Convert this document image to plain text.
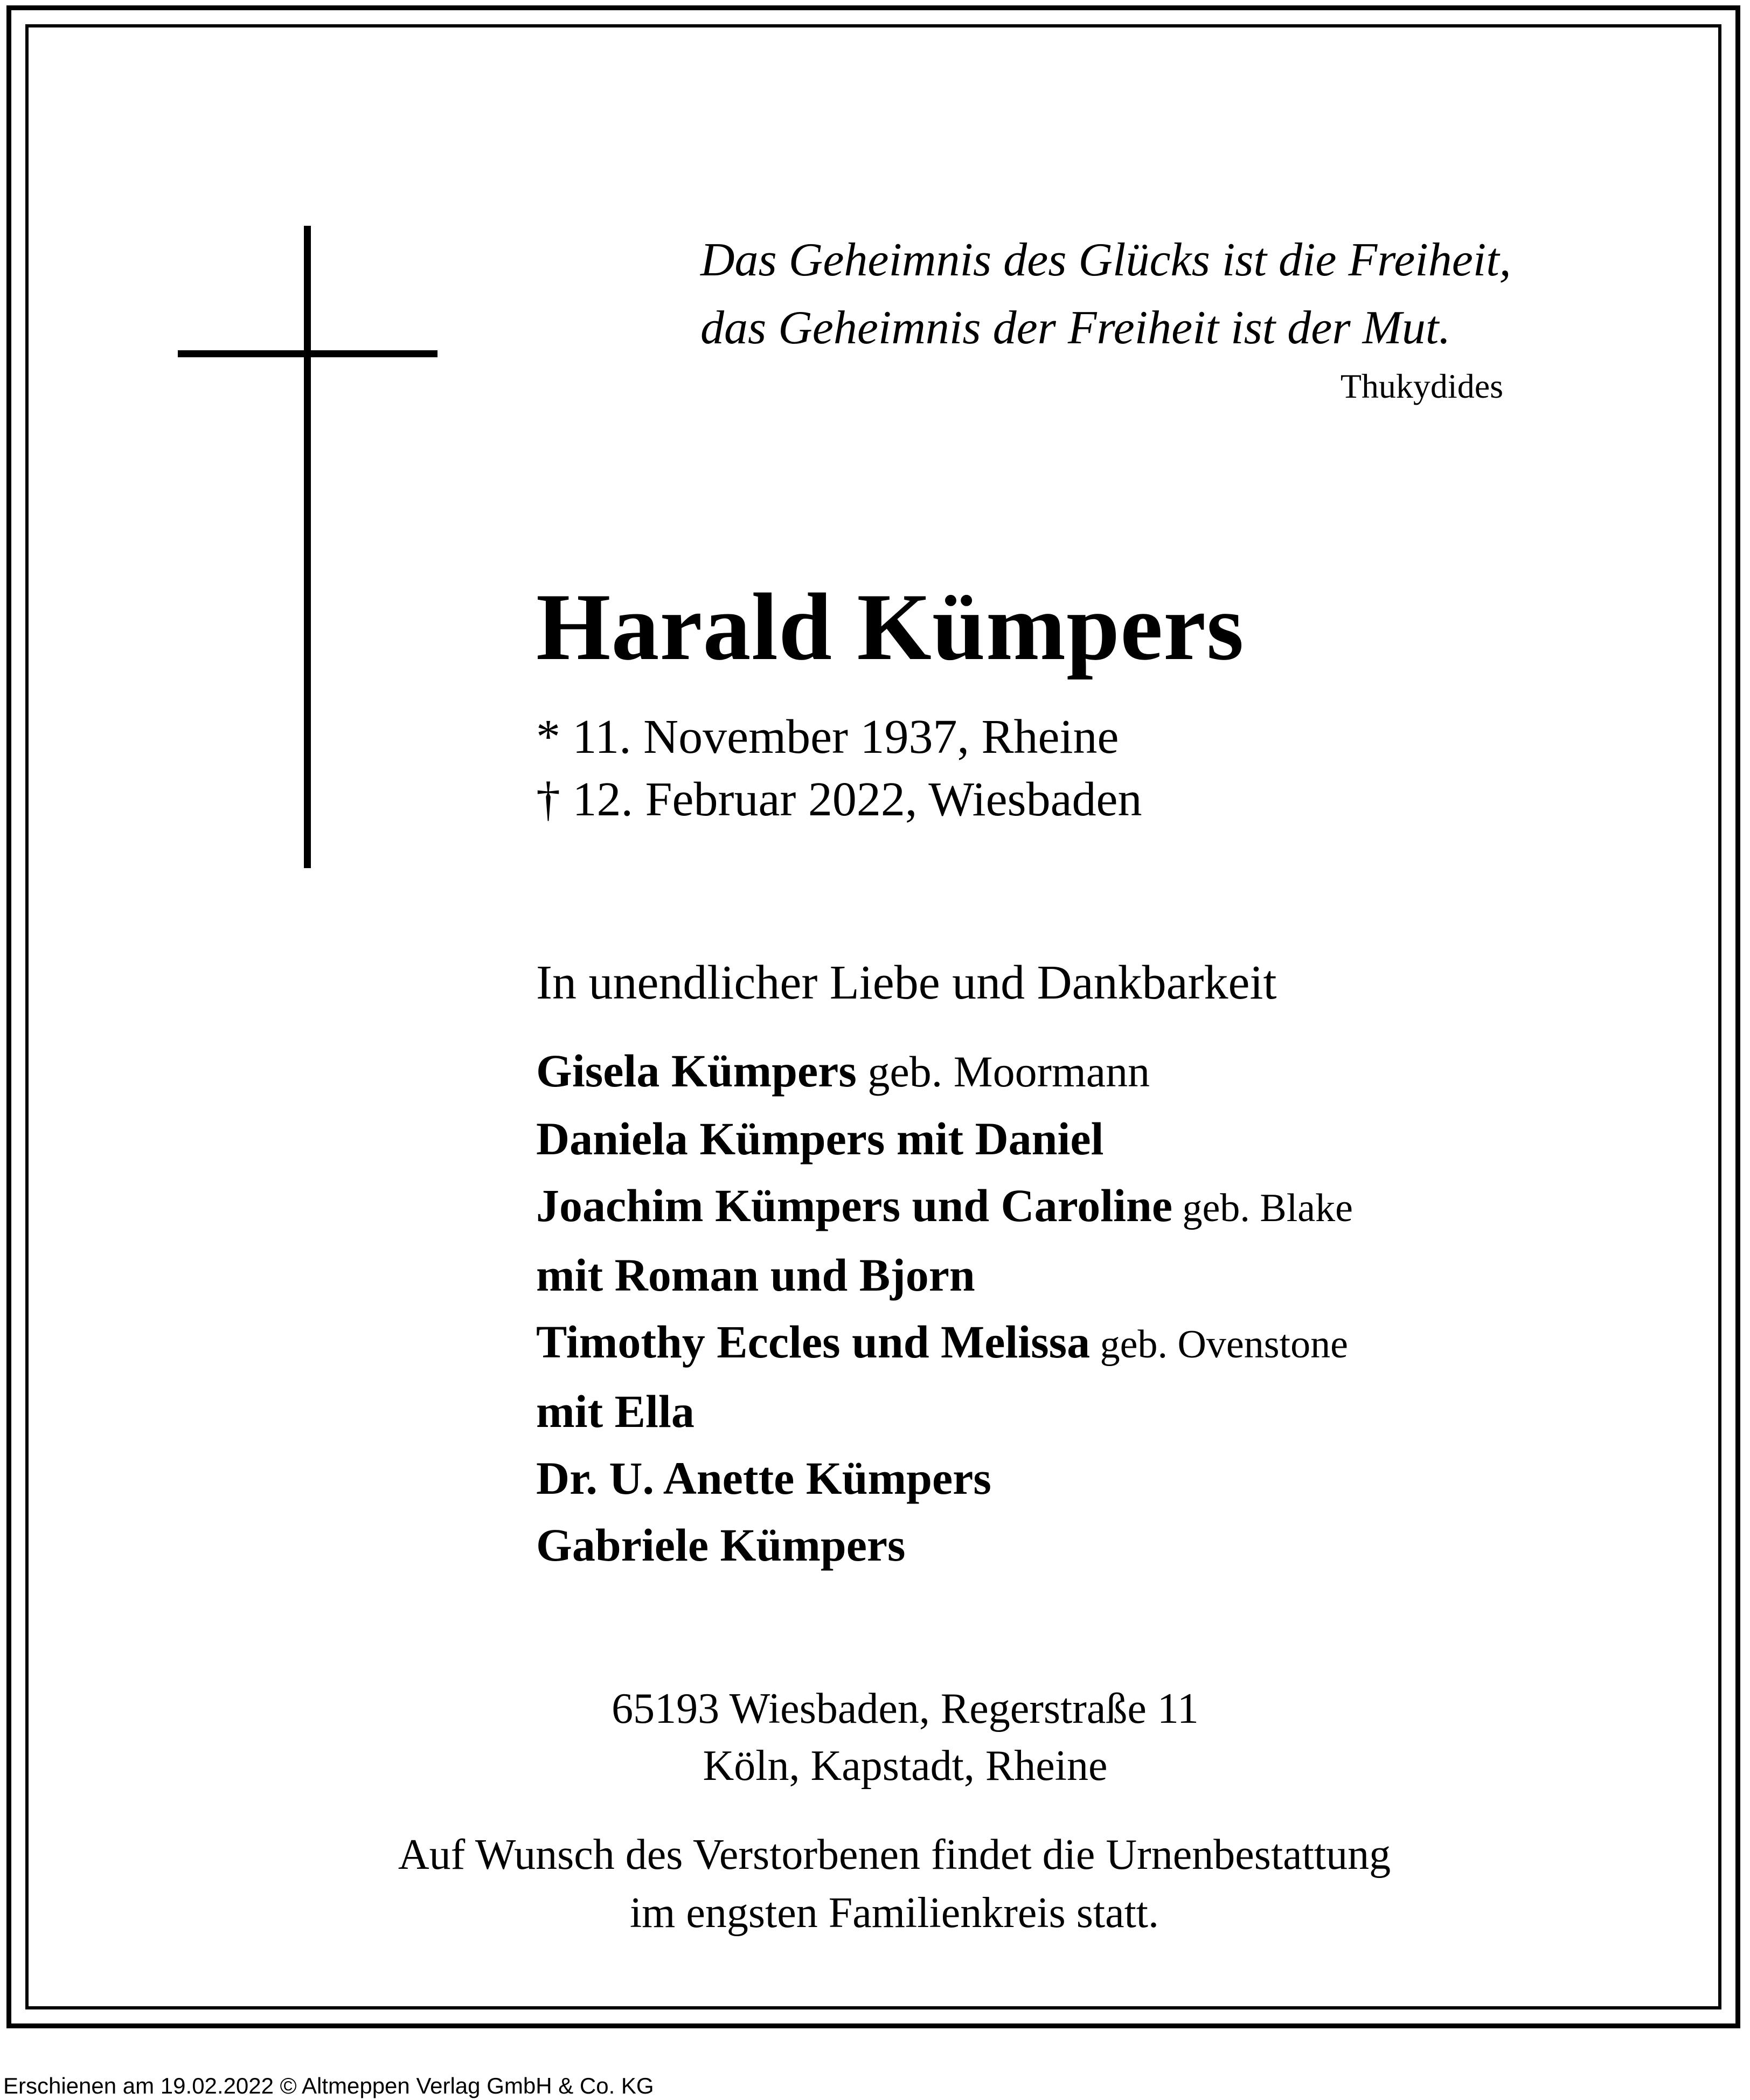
Das Geheimnis des Glücks ist die Freiheit,
das Geheimnis der Freiheit ist der Mut.
Thukydides
Harald Kümpers
* 11. November 1937, Rheine
† 12. Februar 2022, Wiesbaden
In unendlicher Liebe und Dankbarkeit
Gisela Kümpers geb. Moormann
Daniela Kümpers mit Daniel
Joachim Kümpers und Caroline geb. Blake
mit Roman und Bjorn
Timothy Eccles und Melissa geb. Ovenstone
mit Ella
Dr. U. Anette Kümpers
Gabriele Kümpers
65193 Wiesbaden, Regerstraße 11
Köln, Kapstadt, Rheine
Auf Wunsch des Verstorbenen findet die Urnenbestattung
im engsten Familienkreis statt.
Erschienen am 19.02.2022 © Altmeppen Verlag GmbH & Co. KG
